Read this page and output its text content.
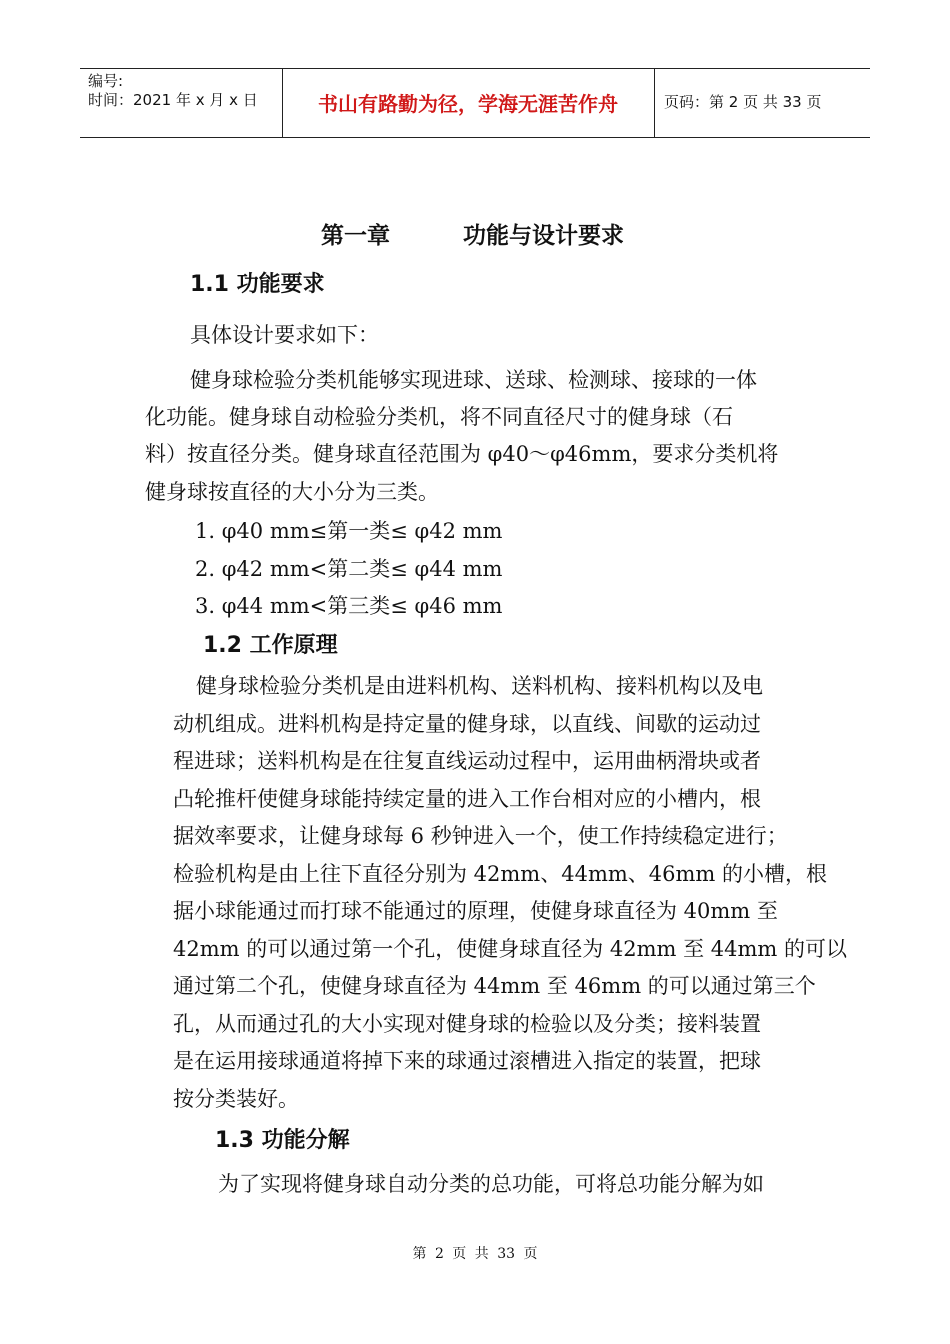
编号:
时间：2021 年 x 月 x 日	书山有路勤为径，学海无涯苦作舟	页码：第 2 页 共 33 页
第一章	功能与设计要求
1.1 功能要求
具体设计要求如下：
健身球检验分类机能够实现进球、送球、检测球、接球的一体
化功能。健身球自动检验分类机，将不同直径尺寸的健身球（石
料）按直径分类。健身球直径范围为 φ40～φ46mm，要求分类机将
健身球按直径的大小分为三类。
1. φ40 mm≤第一类≤ φ42 mm
2. φ42 mm<第二类≤ φ44 mm
3. φ44 mm<第三类≤ φ46 mm
1.2 工作原理
健身球检验分类机是由进料机构、送料机构、接料机构以及电
动机组成。进料机构是持定量的健身球，以直线、间歇的运动过
程进球；送料机构是在往复直线运动过程中，运用曲柄滑块或者
凸轮推杆使健身球能持续定量的进入工作台相对应的小槽内，根
据效率要求，让健身球每 6 秒钟进入一个，使工作持续稳定进行；
检验机构是由上往下直径分别为 42mm、44mm、46mm 的小槽，根
据小球能通过而打球不能通过的原理，使健身球直径为 40mm 至
42mm 的可以通过第一个孔，使健身球直径为 42mm 至 44mm 的可以
通过第二个孔，使健身球直径为 44mm 至 46mm 的可以通过第三个
孔，从而通过孔的大小实现对健身球的检验以及分类；接料装置
是在运用接球通道将掉下来的球通过滚槽进入指定的装置，把球
按分类装好。
1.3 功能分解
为了实现将健身球自动分类的总功能，可将总功能分解为如
第 2 页 共 33 页
